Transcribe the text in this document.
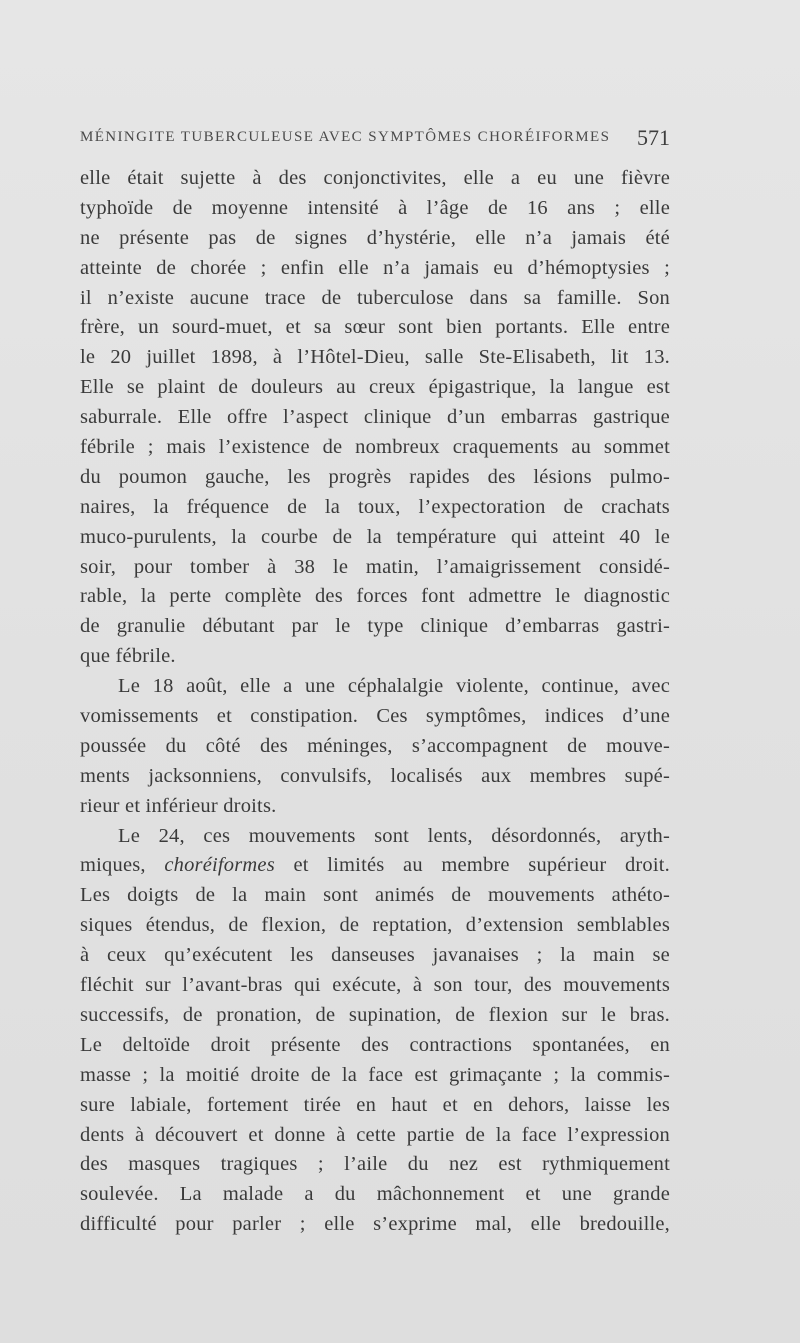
MÉNINGITE TUBERCULEUSE AVEC SYMPTÔMES CHORÉIFORMES 571
elle était sujette à des conjonctivites, elle a eu une fièvre
typhoïde de moyenne intensité à l’âge de 16 ans ; elle
ne présente pas de signes d’hystérie, elle n’a jamais été
atteinte de chorée ; enfin elle n’a jamais eu d’hémoptysies ;
il n’existe aucune trace de tuberculose dans sa famille. Son
frère, un sourd-muet, et sa sœur sont bien portants. Elle entre
le 20 juillet 1898, à l’Hôtel-Dieu, salle Ste-Elisabeth, lit 13.
Elle se plaint de douleurs au creux épigastrique, la langue est
saburrale. Elle offre l’aspect clinique d’un embarras gastrique
fébrile ; mais l’existence de nombreux craquements au sommet
du poumon gauche, les progrès rapides des lésions pulmo-
naires, la fréquence de la toux, l’expectoration de crachats
muco-purulents, la courbe de la température qui atteint 40 le
soir, pour tomber à 38 le matin, l’amaigrissement considé-
rable, la perte complète des forces font admettre le diagnostic
de granulie débutant par le type clinique d’embarras gastri-
que fébrile.
Le 18 août, elle a une céphalalgie violente, continue, avec
vomissements et constipation. Ces symptômes, indices d’une
poussée du côté des méninges, s’accompagnent de mouve-
ments jacksonniens, convulsifs, localisés aux membres supé-
rieur et inférieur droits.
Le 24, ces mouvements sont lents, désordonnés, aryth-
miques, choréiformes et limités au membre supérieur droit.
Les doigts de la main sont animés de mouvements athéto-
siques étendus, de flexion, de reptation, d’extension semblables
à ceux qu’exécutent les danseuses javanaises ; la main se
fléchit sur l’avant-bras qui exécute, à son tour, des mouvements
successifs, de pronation, de supination, de flexion sur le bras.
Le deltoïde droit présente des contractions spontanées, en
masse ; la moitié droite de la face est grimaçante ; la commis-
sure labiale, fortement tirée en haut et en dehors, laisse les
dents à découvert et donne à cette partie de la face l’expression
des masques tragiques ; l’aile du nez est rythmiquement
soulevée. La malade a du mâchonnement et une grande
difficulté pour parler ; elle s’exprime mal, elle bredouille,
